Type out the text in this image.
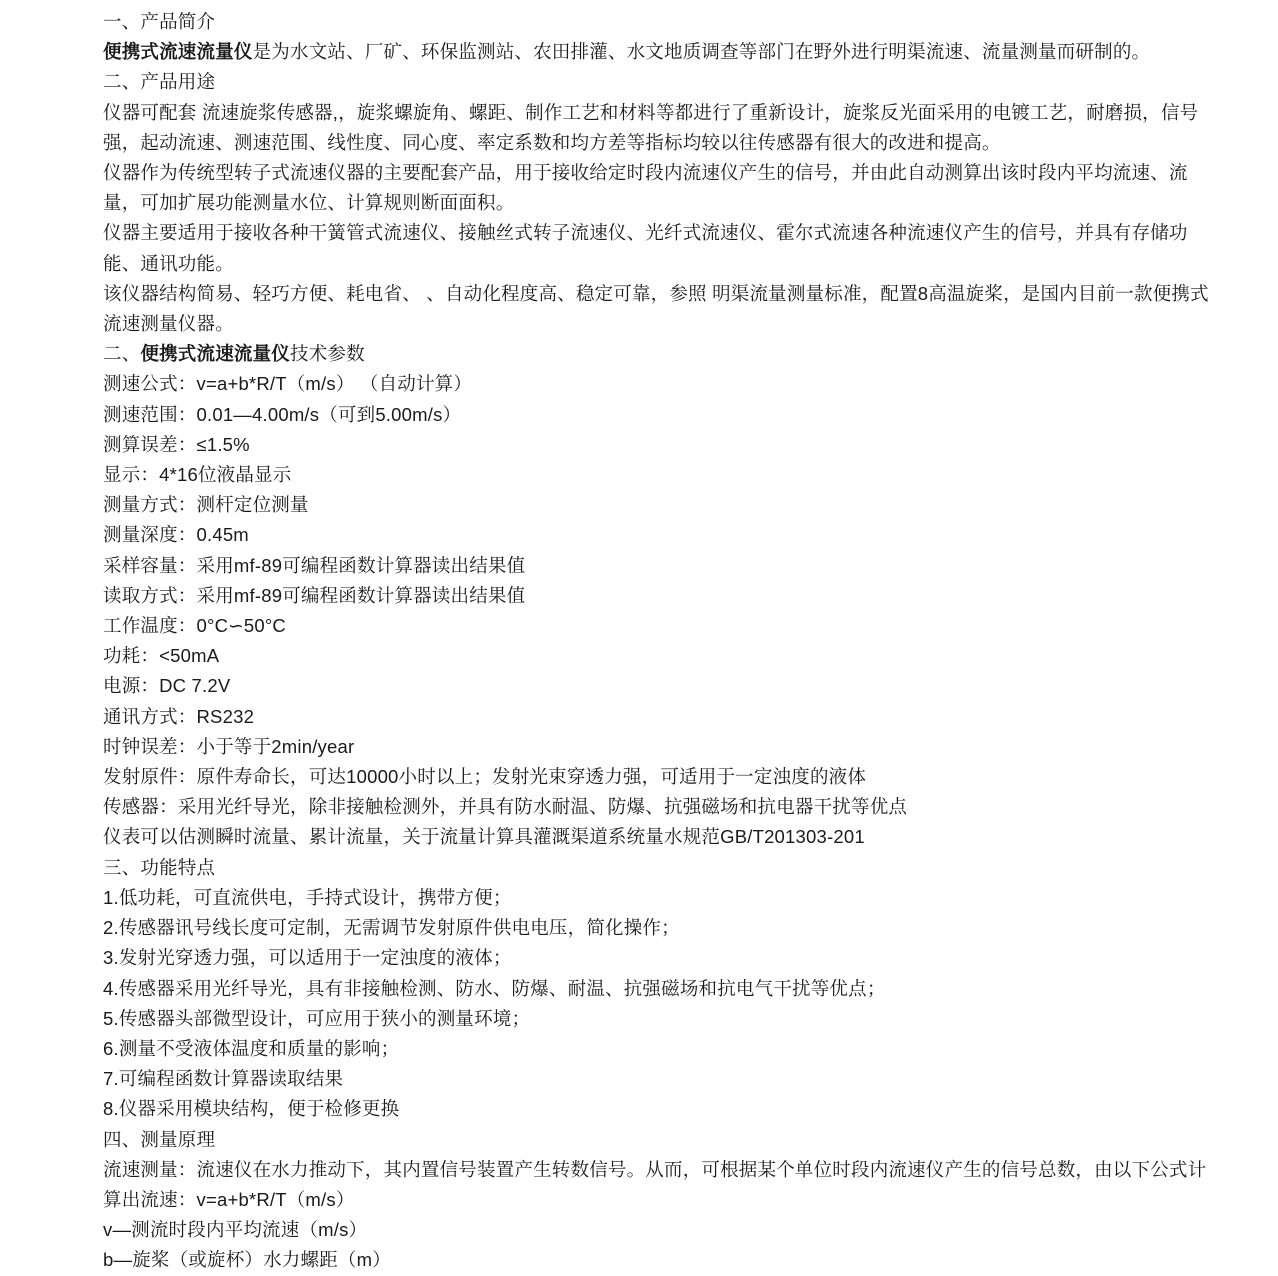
一、产品简介

便携式流速流量仪是为水文站、厂矿、环保监测站、农田排灌、水文地质调查等部门在野外进行明渠流速、流量测量而研制的。

二、产品用途

仪器可配套 流速旋浆传感器,，旋浆螺旋角、螺距、制作工艺和材料等都进行了重新设计，旋浆反光面采用的电镀工艺，耐磨损，信号强，起动流速、测速范围、线性度、同心度、率定系数和均方差等指标均较以往传感器有很大的改进和提高。

仪器作为传统型转子式流速仪器的主要配套产品，用于接收给定时段内流速仪产生的信号，并由此自动测算出该时段内平均流速、流量，可加扩展功能测量水位、计算规则断面面积。

仪器主要适用于接收各种干簧管式流速仪、接触丝式转子流速仪、光纤式流速仪、霍尔式流速各种流速仪产生的信号，并具有存储功能、通讯功能。

该仪器结构简易、轻巧方便、耗电省、 、自动化程度高、稳定可靠，参照 明渠流量测量标准，配置8高温旋桨，是国内目前一款便携式流速测量仪器。

二、便携式流速流量仪技术参数

测速公式：v=a+b*R/T（m/s） （自动计算）

测速范围：0.01—4.00m/s（可到5.00m/s）

测算误差：≤1.5%

显示：4*16位液晶显示

测量方式：测杆定位测量

测量深度：0.45m

采样容量：采用mf-89可编程函数计算器读出结果值

读取方式：采用mf-89可编程函数计算器读出结果值

工作温度：0°C∽50°C

功耗：<50mA

电源：DC 7.2V

通讯方式：RS232

时钟误差：小于等于2min/year

发射原件：原件寿命长，可达10000小时以上；发射光束穿透力强，可适用于一定浊度的液体

传感器：采用光纤导光，除非接触检测外，并具有防水耐温、防爆、抗强磁场和抗电器干扰等优点

仪表可以估测瞬时流量、累计流量，关于流量计算具灌溉渠道系统量水规范GB/T201303-201

三、功能特点

1.低功耗，可直流供电，手持式设计，携带方便；

2.传感器讯号线长度可定制，无需调节发射原件供电电压，简化操作；

3.发射光穿透力强，可以适用于一定浊度的液体；

4.传感器采用光纤导光，具有非接触检测、防水、防爆、耐温、抗强磁场和抗电气干扰等优点；

5.传感器头部微型设计，可应用于狭小的测量环境；

6.测量不受液体温度和质量的影响；

7.可编程函数计算器读取结果

8.仪器采用模块结构，便于检修更换

四、测量原理

流速测量：流速仪在水力推动下，其内置信号装置产生转数信号。从而，可根据某个单位时段内流速仪产生的信号总数，由以下公式计算出流速：v=a+b*R/T（m/s）

v—测流时段内平均流速（m/s）

b—旋桨（或旋杯）水力螺距（m）
